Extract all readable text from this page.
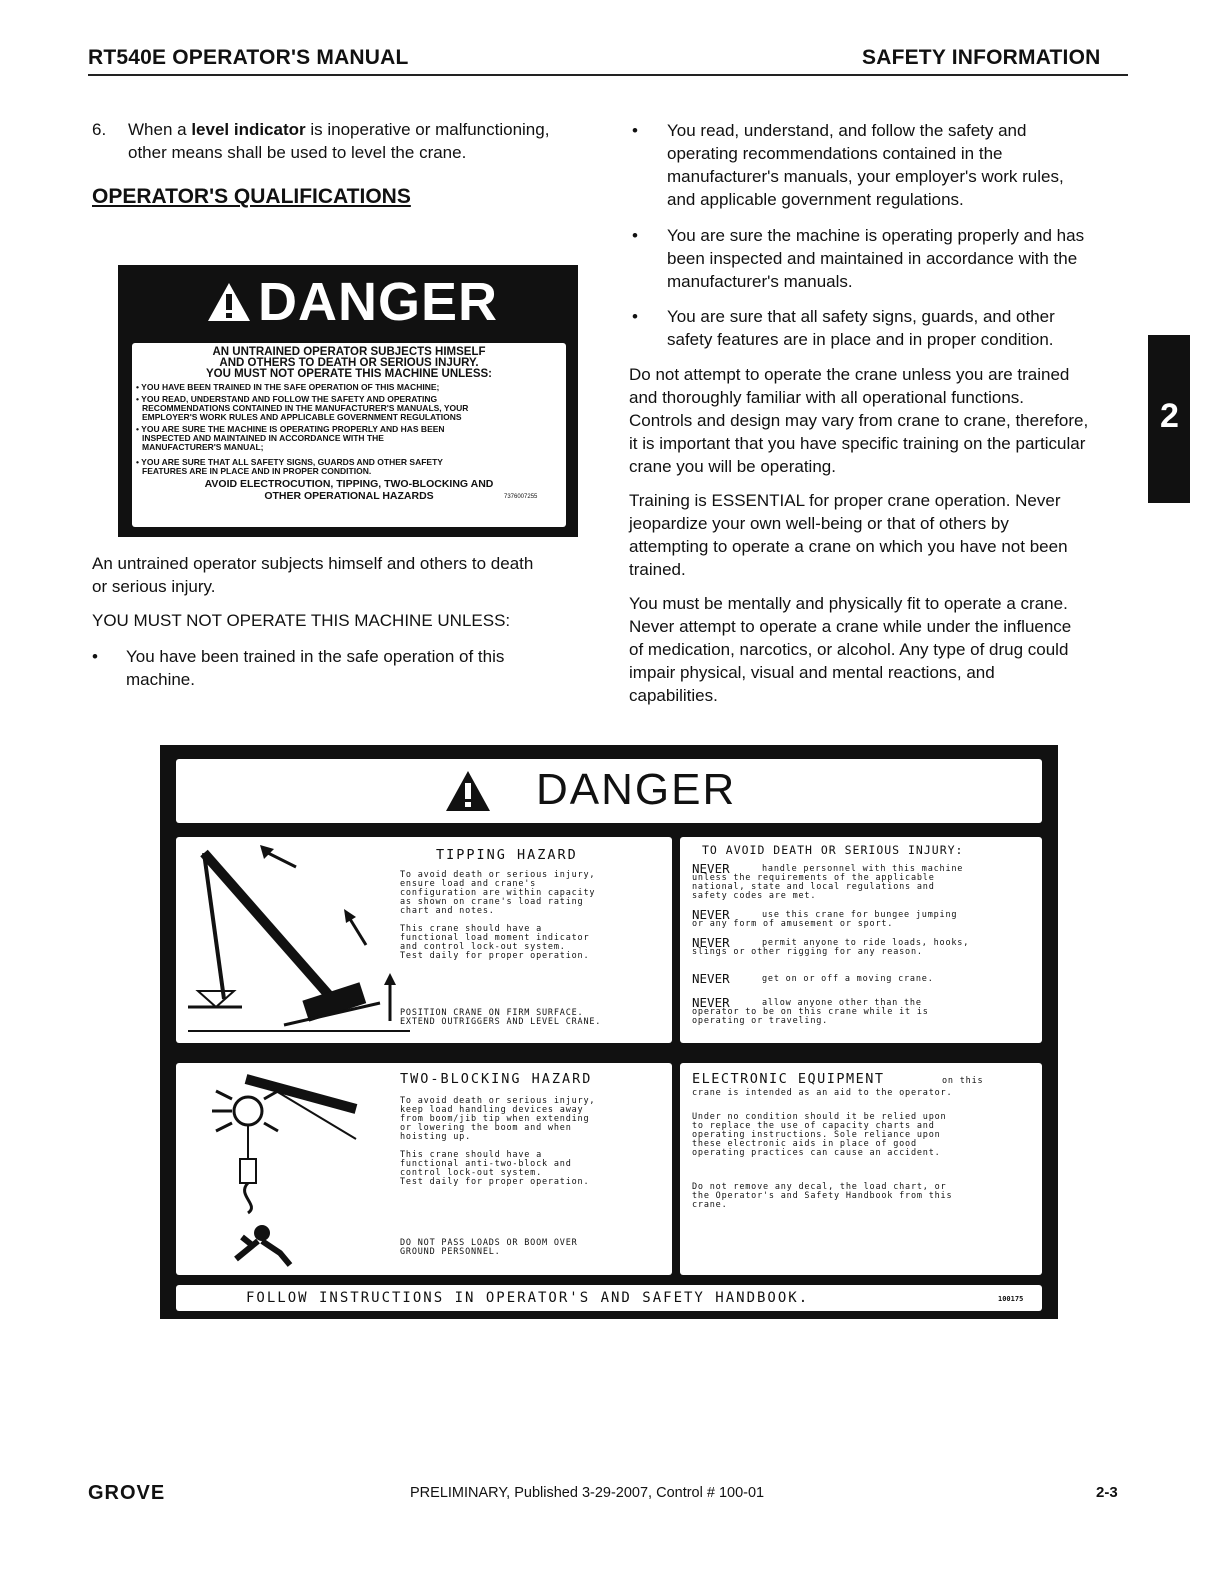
RT540E OPERATOR'S MANUAL	SAFETY INFORMATION
6. When a level indicator is inoperative or malfunctioning,
other means shall be used to level the crane.
OPERATOR'S QUALIFICATIONS
DANGER
AN UNTRAINED OPERATOR SUBJECTS HIMSELF
AND OTHERS TO DEATH OR SERIOUS INJURY.
YOU MUST NOT OPERATE THIS MACHINE UNLESS:
• YOU HAVE BEEN TRAINED IN THE SAFE OPERATION OF THIS MACHINE;
• YOU READ, UNDERSTAND AND FOLLOW THE SAFETY AND OPERATING
RECOMMENDATIONS CONTAINED IN THE MANUFACTURER'S MANUALS, YOUR
EMPLOYER'S WORK RULES AND APPLICABLE GOVERNMENT REGULATIONS
• YOU ARE SURE THE MACHINE IS OPERATING PROPERLY AND HAS BEEN
INSPECTED AND MAINTAINED IN ACCORDANCE WITH THE
MANUFACTURER'S MANUAL;
• YOU ARE SURE THAT ALL SAFETY SIGNS, GUARDS AND OTHER SAFETY
FEATURES ARE IN PLACE AND IN PROPER CONDITION.
AVOID ELECTROCUTION, TIPPING, TWO-BLOCKING AND
OTHER OPERATIONAL HAZARDS	7376007255
An untrained operator subjects himself and others to death
or serious injury.
YOU MUST NOT OPERATE THIS MACHINE UNLESS:
• You have been trained in the safe operation of this
machine.
• You read, understand, and follow the safety and
operating recommendations contained in the
manufacturer's manuals, your employer's work rules,
and applicable government regulations.
• You are sure the machine is operating properly and has
been inspected and maintained in accordance with the
manufacturer's manuals.
• You are sure that all safety signs, guards, and other
safety features are in place and in proper condition.
Do not attempt to operate the crane unless you are trained
and thoroughly familiar with all operational functions.
Controls and design may vary from crane to crane, therefore,
it is important that you have specific training on the particular
crane you will be operating.
Training is ESSENTIAL for proper crane operation. Never
jeopardize your own well-being or that of others by
attempting to operate a crane on which you have not been
trained.
You must be mentally and physically fit to operate a crane.
Never attempt to operate a crane while under the influence
of medication, narcotics, or alcohol. Any type of drug could
impair physical, visual and mental reactions, and
capabilities.
2
DANGER
TIPPING HAZARD
To avoid death or serious injury,
ensure load and crane's
configuration are within capacity
as shown on crane's load rating
chart and notes.
This crane should have a
functional load moment indicator
and control lock-out system.
Test daily for proper operation.
POSITION CRANE ON FIRM SURFACE.
EXTEND OUTRIGGERS AND LEVEL CRANE.
TO AVOID DEATH OR SERIOUS INJURY:
NEVER	handle personnel with this machine
unless the requirements of the applicable
national, state and local regulations and
safety codes are met.
NEVER	use this crane for bungee jumping
or any form of amusement or sport.
NEVER	permit anyone to ride loads, hooks,
slings or other rigging for any reason.
NEVER	get on or off a moving crane.
NEVER	allow anyone other than the
operator to be on this crane while it is
operating or traveling.
TWO-BLOCKING HAZARD
To avoid death or serious injury,
keep load handling devices away
from boom/jib tip when extending
or lowering the boom and when
hoisting up.
This crane should have a
functional anti-two-block and
control lock-out system.
Test daily for proper operation.
DO NOT PASS LOADS OR BOOM OVER
GROUND PERSONNEL.
ELECTRONIC EQUIPMENT	on this
crane is intended as an aid to the operator.
Under no condition should it be relied upon
to replace the use of capacity charts and
operating instructions. Sole reliance upon
these electronic aids in place of good
operating practices can cause an accident.
Do not remove any decal, the load chart, or
the Operator's and Safety Handbook from this
crane.
FOLLOW INSTRUCTIONS IN OPERATOR'S AND SAFETY HANDBOOK.	100175
GROVE	PRELIMINARY, Published 3-29-2007, Control # 100-01	2-3
